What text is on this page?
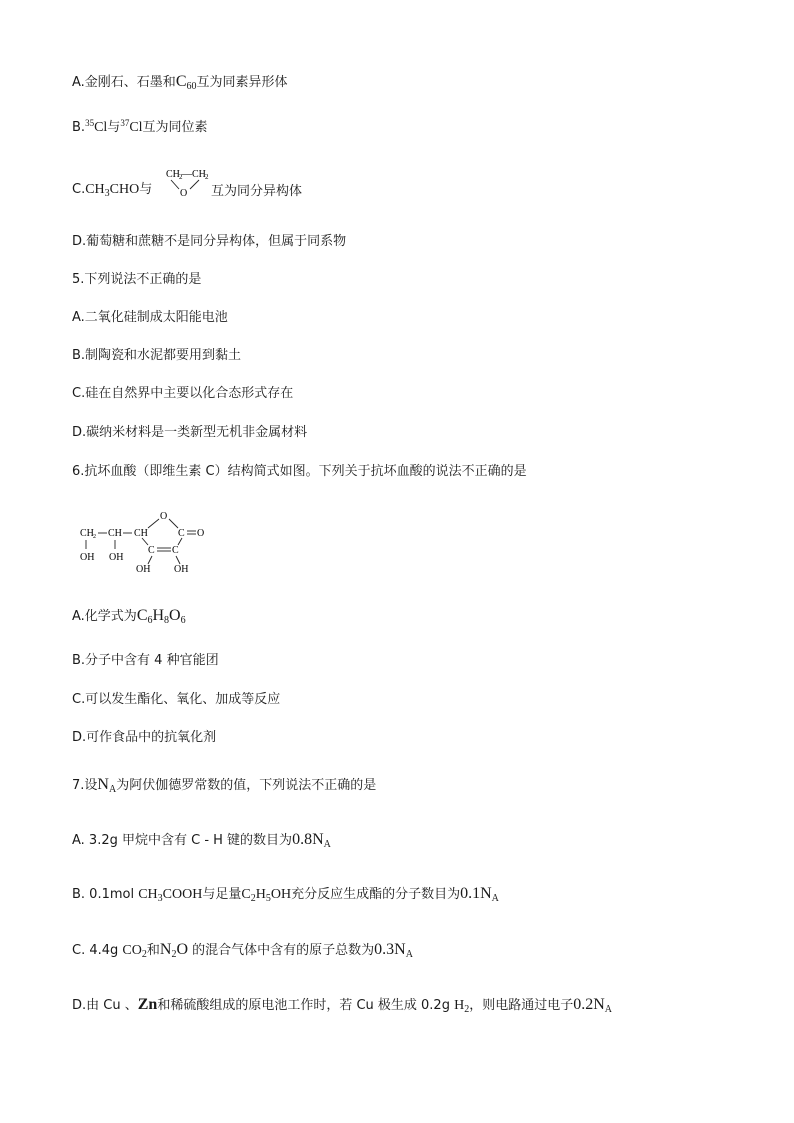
A.金刚石、石墨和$C_{60}$互为同素异形体
B.$^{35}$Cl与$^{37}$Cl互为同位素
$C.CH_3CHO$与
CH 2 — CH 2
O 互为同分异构体
D.葡萄糖和蔗糖不是同分异构体，但属于同系物
5.下列说法不正确的是
A.二氧化硅制成太阳能电池
B.制陶瓷和水泥都要用到黏土
C.硅在自然界中主要以化合态形式存在
D.碳纳米材料是一类新型无机非金属材料
6.抗坏血酸（即维生素 C）结构简式如图。下列关于抗坏血酸的说法不正确的是
CH 2 CH CH
O
C O
C C
OH OH
OH OH
A.化学式为$C_6H_8O_6$
B.分子中含有 4 种官能团
C.可以发生酯化、氧化、加成等反应
D.可作食品中的抗氧化剂
7.设$N_A$为阿伏伽德罗常数的值，下列说法不正确的是
A. 3.2g 甲烷中含有 C - H 键的数目为$0.8N_A$
B. 0.1mol $CH_3COOH$与足量$C_2H_5OH$充分反应生成酯的分子数目为$0.1N_A$
C. 4.4g $CO_2$和$N_2O$ 的混合气体中含有的原子总数为$0.3N_A$
D.由 Cu 、Zn和稀硫酸组成的原电池工作时，若 Cu 极生成 0.2g $H_2$，则电路通过电子$0.2N_A$
